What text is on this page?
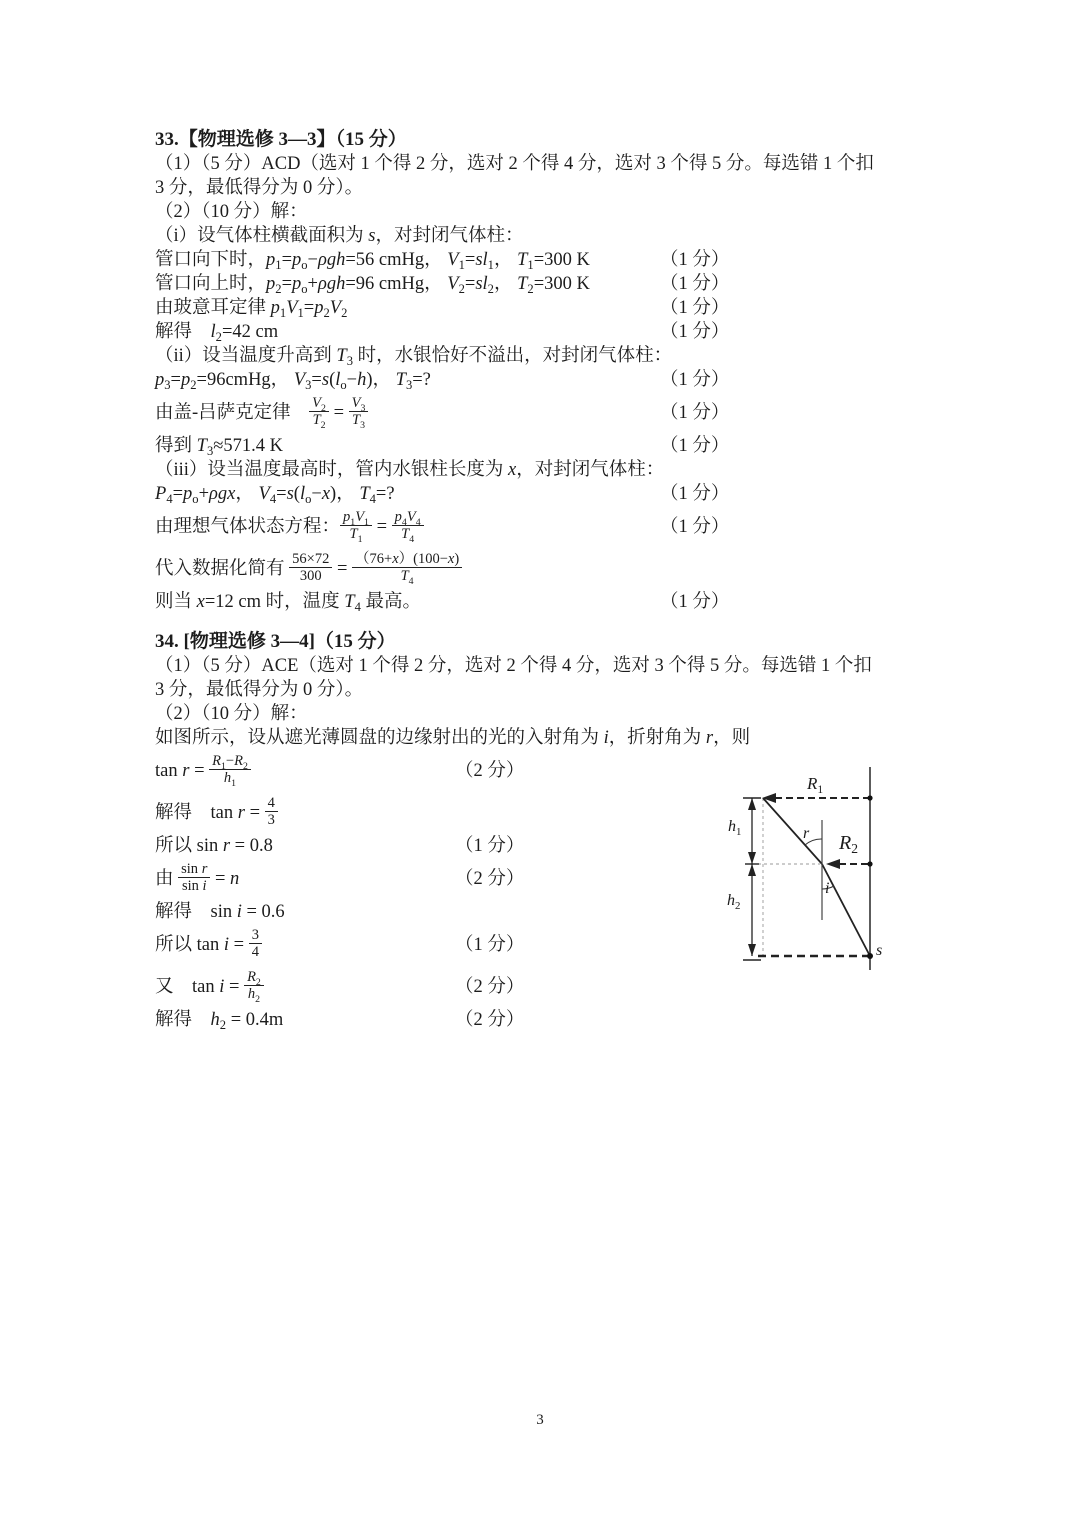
33.【物理选修 3—3】（15 分）
（1）（5 分）ACD（选对 1 个得 2 分，选对 2 个得 4 分，选对 3 个得 5 分。每选错 1 个扣
3 分，最低得分为 0 分）。
（2）（10 分）解：
（i）设气体柱横截面积为 s，对封闭气体柱：
管口向下时，$p_1=p_o-\rho gh=56$ cmHg， $V_1=sl_1$， $T_1=300$ K	（1 分）
管口向上时，$p_2=p_o+\rho gh=96$ cmHg， $V_2=sl_2$， $T_2=300$ K	（1 分）
由玻意耳定律 $p_1V_1=p_2V_2$	（1 分）
解得　$l_2=42$ cm	（1 分）
（ii）设当温度升高到 $T_3$ 时，水银恰好不溢出，对封闭气体柱：
$p_3=p_2=96cmHg$， $V_3=s(l_o-h)$， $T_3=$?	（1 分）
由盖-吕萨克定律　 $\frac{V_2}{T_2} = \frac{V_3}{T_3}$	（1 分）
得到 $T_3\approx 571.4$ K	（1 分）
（iii）设当温度最高时，管内水银柱长度为 x，对封闭气体柱：
$P_4=p_o+\rho gx$， $V_4=s(l_o-x)$， $T_4=$?	（1 分）
由理想气体状态方程： $\frac{p_1V_1}{T_1} = \frac{p_4V_4}{T_4}$	（1 分）
代入数据化简有 $\frac{56\times 72}{300} = \frac{(76+x)(100-x)}{T_4}$
则当 x=12 cm 时，温度 $T_4$ 最高。	（1 分）
34. [物理选修 3—4]（15 分）
（1）（5 分）ACE（选对 1 个得 2 分，选对 2 个得 4 分，选对 3 个得 5 分。每选错 1 个扣
3 分，最低得分为 0 分）。
（2）（10 分）解：
如图所示，设从遮光薄圆盘的边缘射出的光的入射角为 i，折射角为 r，则
$\tan r = \frac{R_1-R_2}{h_1}$	（2 分）
解得　$\tan r = \frac{4}{3}$
所以 sin r = 0.8	（1 分）
由 $\frac{\text{sin r}}{\text{sin i}} = n$	（2 分）
解得　sin i = 0.6
所以 $\tan i = \frac{3}{4}$	（1 分）
又　$\tan i = \frac{R_2}{h_2}$	（2 分）
解得　$h_2 = 0.4m$	（2 分）
$R_1$
$R_2$
$h_1$
$h_2$
r
i
s
3
